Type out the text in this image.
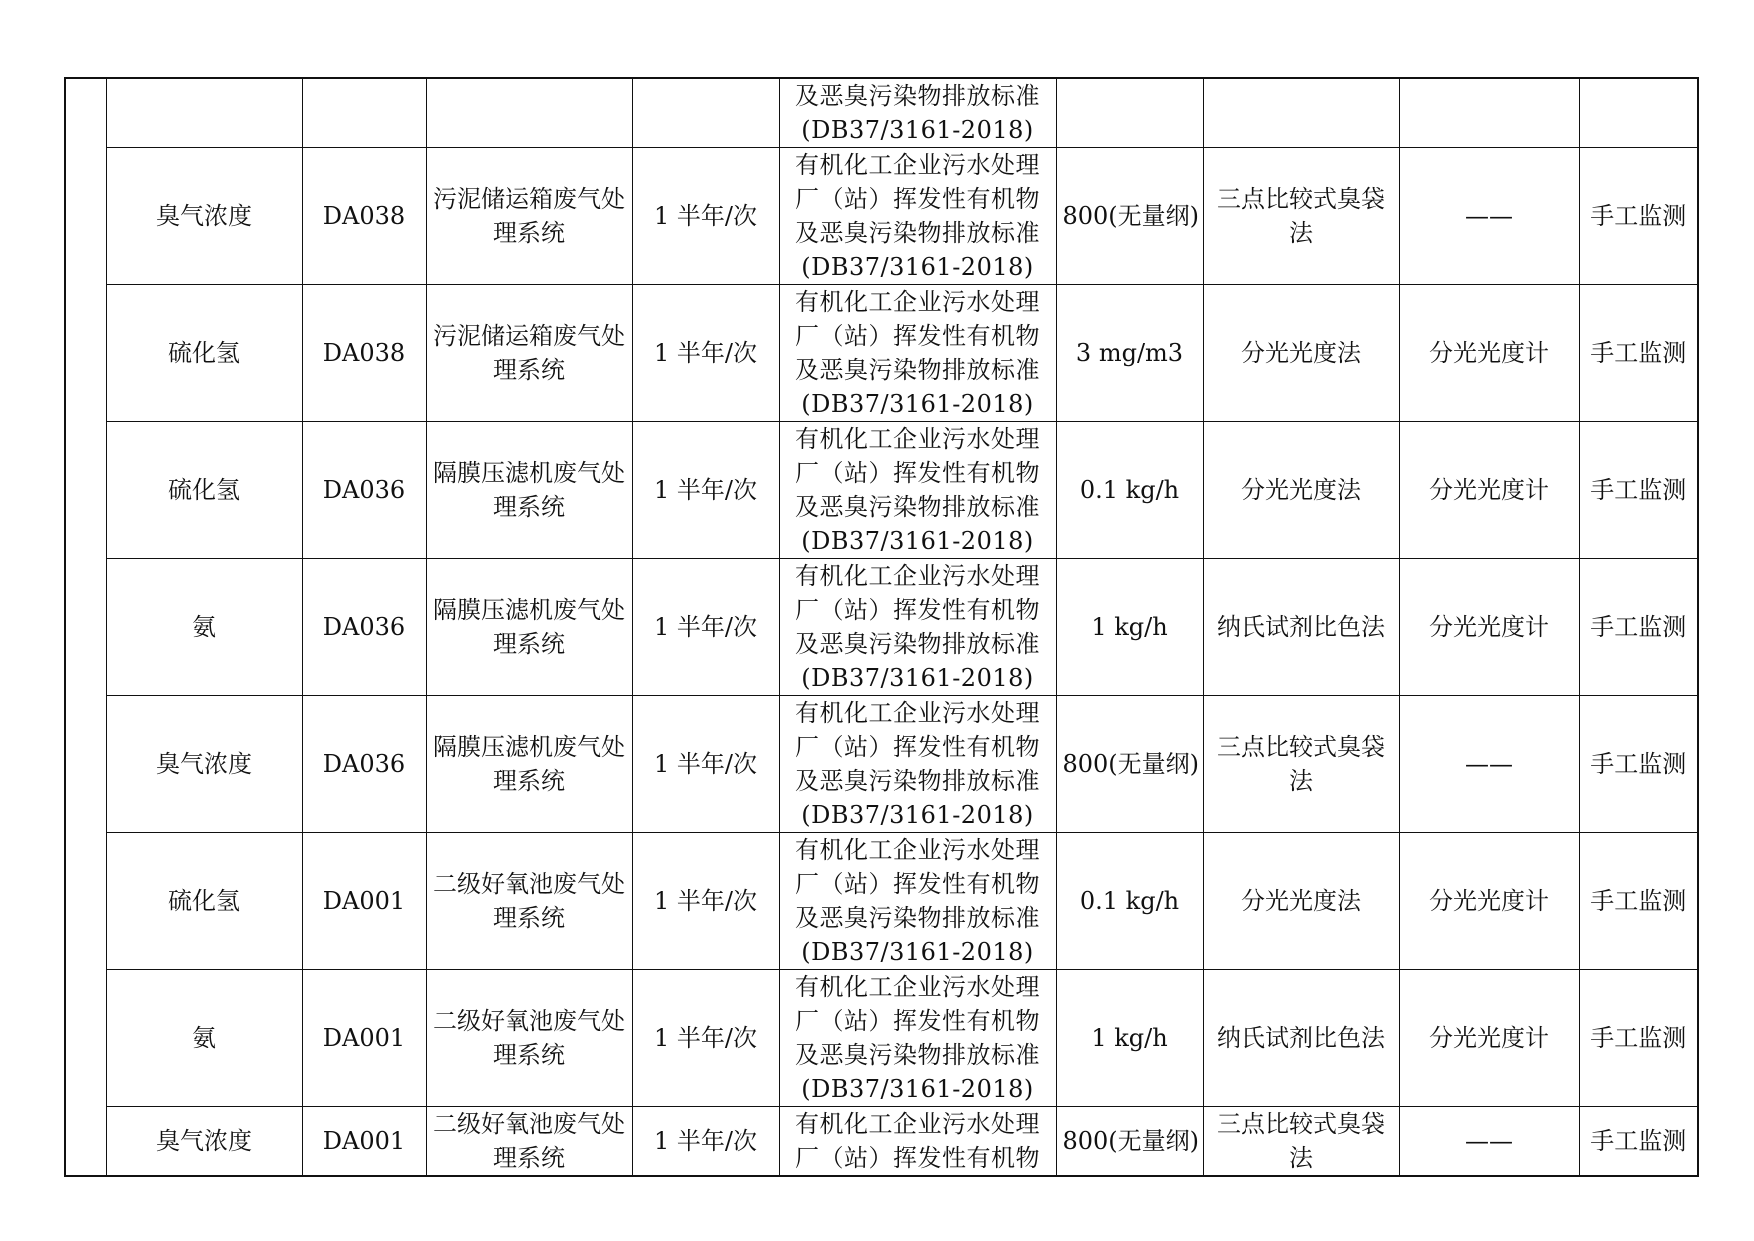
					及恶臭污染物排放标准
(DB37/3161-2018)				

	臭气浓度	DA038	污泥储运箱废气处理系统	1 半年/次	有机化工企业污水处理
厂（站）挥发性有机物
及恶臭污染物排放标准
(DB37/3161-2018)	800(无量纲)	三点比较式臭袋法	——	手工监测
	硫化氢	DA038	污泥储运箱废气处理系统	1 半年/次	有机化工企业污水处理
厂（站）挥发性有机物
及恶臭污染物排放标准
(DB37/3161-2018)	3 mg/m3	分光光度法	分光光度计	手工监测
	硫化氢	DA036	隔膜压滤机废气处理系统	1 半年/次	有机化工企业污水处理
厂（站）挥发性有机物
及恶臭污染物排放标准
(DB37/3161-2018)	0.1 kg/h	分光光度法	分光光度计	手工监测
	氨	DA036	隔膜压滤机废气处理系统	1 半年/次	有机化工企业污水处理
厂（站）挥发性有机物
及恶臭污染物排放标准
(DB37/3161-2018)	1 kg/h	纳氏试剂比色法	分光光度计	手工监测
	臭气浓度	DA036	隔膜压滤机废气处理系统	1 半年/次	有机化工企业污水处理
厂（站）挥发性有机物
及恶臭污染物排放标准
(DB37/3161-2018)	800(无量纲)	三点比较式臭袋法	——	手工监测
	硫化氢	DA001	二级好氧池废气处理系统	1 半年/次	有机化工企业污水处理
厂（站）挥发性有机物
及恶臭污染物排放标准
(DB37/3161-2018)	0.1 kg/h	分光光度法	分光光度计	手工监测
	氨	DA001	二级好氧池废气处理系统	1 半年/次	有机化工企业污水处理
厂（站）挥发性有机物
及恶臭污染物排放标准
(DB37/3161-2018)	1 kg/h	纳氏试剂比色法	分光光度计	手工监测
	臭气浓度	DA001	二级好氧池废气处理系统	1 半年/次	有机化工企业污水处理
厂（站）挥发性有机物	800(无量纲)	三点比较式臭袋法	——	手工监测
